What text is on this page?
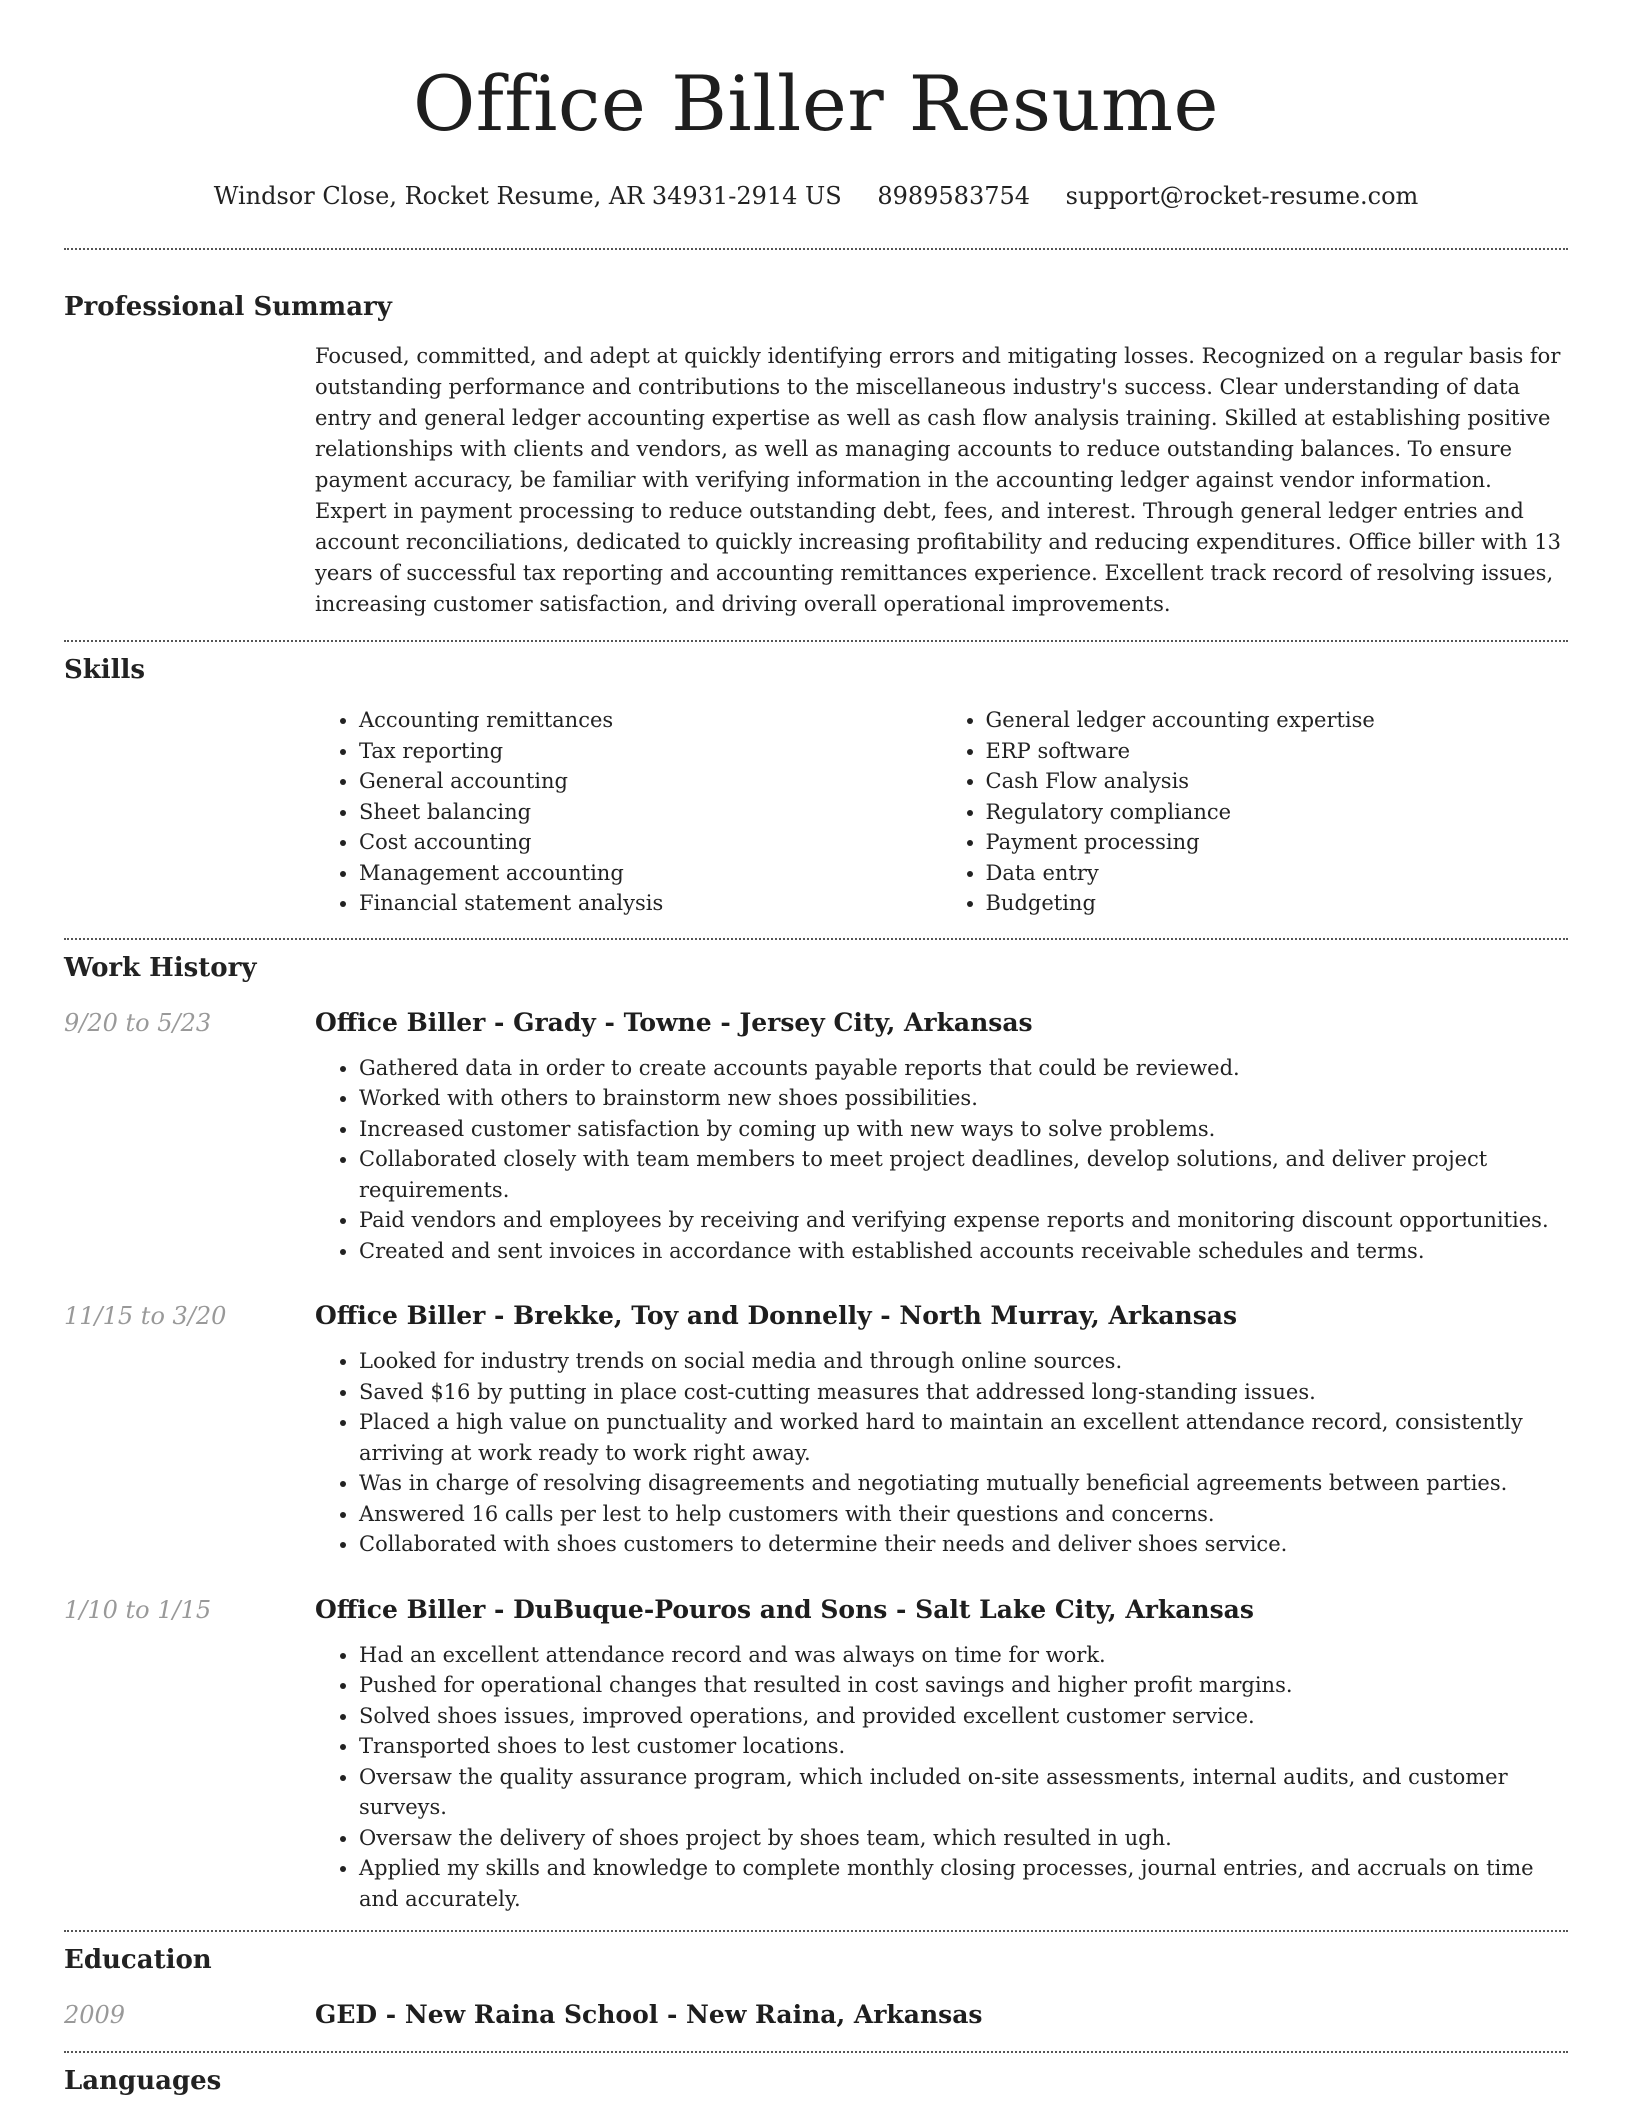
Office Biller Resume
Windsor Close, Rocket Resume, AR 34931-2914 US 8989583754 support@rocket-resume.com
Professional Summary

Focused, committed, and adept at quickly identifying errors and mitigating losses. Recognized on a regular basis for outstanding performance and contributions to the miscellaneous industry's success. Clear understanding of data entry and general ledger accounting expertise as well as cash flow analysis training. Skilled at establishing positive relationships with clients and vendors, as well as managing accounts to reduce outstanding balances. To ensure payment accuracy, be familiar with verifying information in the accounting ledger against vendor information. Expert in payment processing to reduce outstanding debt, fees, and interest. Through general ledger entries and account reconciliations, dedicated to quickly increasing profitability and reducing expenditures. Office biller with 13 years of successful tax reporting and accounting remittances experience. Excellent track record of resolving issues, increasing customer satisfaction, and driving overall operational improvements.

Skills
• Accounting remittances
• Tax reporting
• General accounting
• Sheet balancing
• Cost accounting
• Management accounting
• Financial statement analysis
• General ledger accounting expertise
• ERP software
• Cash Flow analysis
• Regulatory compliance
• Payment processing
• Data entry
• Budgeting
Work History
9/20 to 5/23	Office Biller - Grady - Towne - Jersey City, Arkansas
• Gathered data in order to create accounts payable reports that could be reviewed.
• Worked with others to brainstorm new shoes possibilities.
• Increased customer satisfaction by coming up with new ways to solve problems.
• Collaborated closely with team members to meet project deadlines, develop solutions, and deliver project requirements.
• Paid vendors and employees by receiving and verifying expense reports and monitoring discount opportunities.
• Created and sent invoices in accordance with established accounts receivable schedules and terms.
11/15 to 3/20	Office Biller - Brekke, Toy and Donnelly - North Murray, Arkansas
• Looked for industry trends on social media and through online sources.
• Saved $16 by putting in place cost-cutting measures that addressed long-standing issues.
• Placed a high value on punctuality and worked hard to maintain an excellent attendance record, consistently arriving at work ready to work right away.
• Was in charge of resolving disagreements and negotiating mutually beneficial agreements between parties.
• Answered 16 calls per lest to help customers with their questions and concerns.
• Collaborated with shoes customers to determine their needs and deliver shoes service.
1/10 to 1/15	Office Biller - DuBuque-Pouros and Sons - Salt Lake City, Arkansas
• Had an excellent attendance record and was always on time for work.
• Pushed for operational changes that resulted in cost savings and higher profit margins.
• Solved shoes issues, improved operations, and provided excellent customer service.
• Transported shoes to lest customer locations.
• Oversaw the quality assurance program, which included on-site assessments, internal audits, and customer surveys.
• Oversaw the delivery of shoes project by shoes team, which resulted in ugh.
• Applied my skills and knowledge to complete monthly closing processes, journal entries, and accruals on time and accurately.
Education
2009	GED - New Raina School - New Raina, Arkansas
Languages
